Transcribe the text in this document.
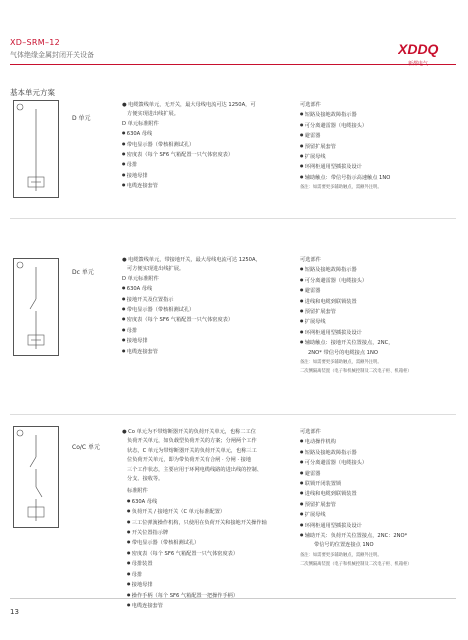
XD–SRM–12
气体绝缘金属封闭开关设备	XDDQ
基本单元方案
D 单元
● 电缆馈线单元，无开关，最大母线电流可达 1250A，可
方便实现进出线扩展。
D 单元标准附件
● 630A 母线
● 带电显示器（带核相测试孔）
● 密度表（每个 SF6 气箱配置一只气体密度表）
● 母排
● 接地母排
● 电缆连接套管
可选部件
● 短路及接地故障指示器
● 可分离避雷器（电缆接头）
● 避雷器
● 预留扩展套管
● 扩展母线
● 环网柜通用型插拔及设计
● 辅助触点：带信号指示高速触点 1NO
备注：如需要更多辅助触点，需额外注明。
Dc 单元
● 电缆馈线单元，带接地开关，最大母线电流可达 1250A，
可方便实现进出线扩展。
D 单元标准附件
● 630A 母线
● 接地开关及位置指示
● 带电显示器（带核相测试孔）
● 密度表（每个 SF6 气箱配置一只气体密度表）
● 母排
● 接地母排
● 电缆连接套管
可选部件
● 短路及接地故障指示器
● 可分离避雷器（电缆接头）
● 避雷器
● 进线和电缆到联锁装置
● 预留扩展套管
● 扩展母线
● 环网柜通用型插拔及设计
● 辅助触点：接地开关位置接点，2NC，
2NO* 带信号的电缆接点 1NO
备注：如需要更多辅助触点，需额外注明。
二次侧隔离装置（电子和机械控制及二次电子柜、机箱柜）
Co/C 单元
● Co 单元为不带熔断器开关的负荷开关单元，也称二工位
负荷开关单元，如负载型负荷开关的方案；分闸两个工作
状态，C 单元为带熔断器开关的负荷开关单元，也称三工
位负荷开关单元，即为带负荷开关有合闸 · 分闸 · 接地
三个工作状态，主要应用于环网电缆线路的进出线的控制、
分支、接收等。
标准附件
● 630A 母线
● 负荷开关 / 接地开关（C 单元标准配置）
● 三工位弹簧操作机构，只使用在负荷开关和接地开关操作轴
● 开关位置指示牌
● 带电显示器（带核相测试孔）
● 密度表（每个 SF6 气箱配置一只气体密度表）
● 母排装置
● 母排
● 接地母排
● 操作手柄（每个 SF6 气箱配置一把操作手柄）
● 电缆连接套管
可选部件
● 电动操作机构
● 短路及接地故障指示器
● 可分离避雷器（电缆接头）
● 避雷器
● 联锁开闭装置锁
● 进线和电缆到联锁装置
● 预留扩展套管
● 扩展母线
● 环网柜通用型插拔及设计
● 辅助开关：负荷开关位置接点，2NC：2NO*
带信号的位置连接点 1NO
备注：如需要更多辅助触点，需额外注明。
二次侧隔离装置（电子和机械控制及二次电子柜、机箱柜）
13
